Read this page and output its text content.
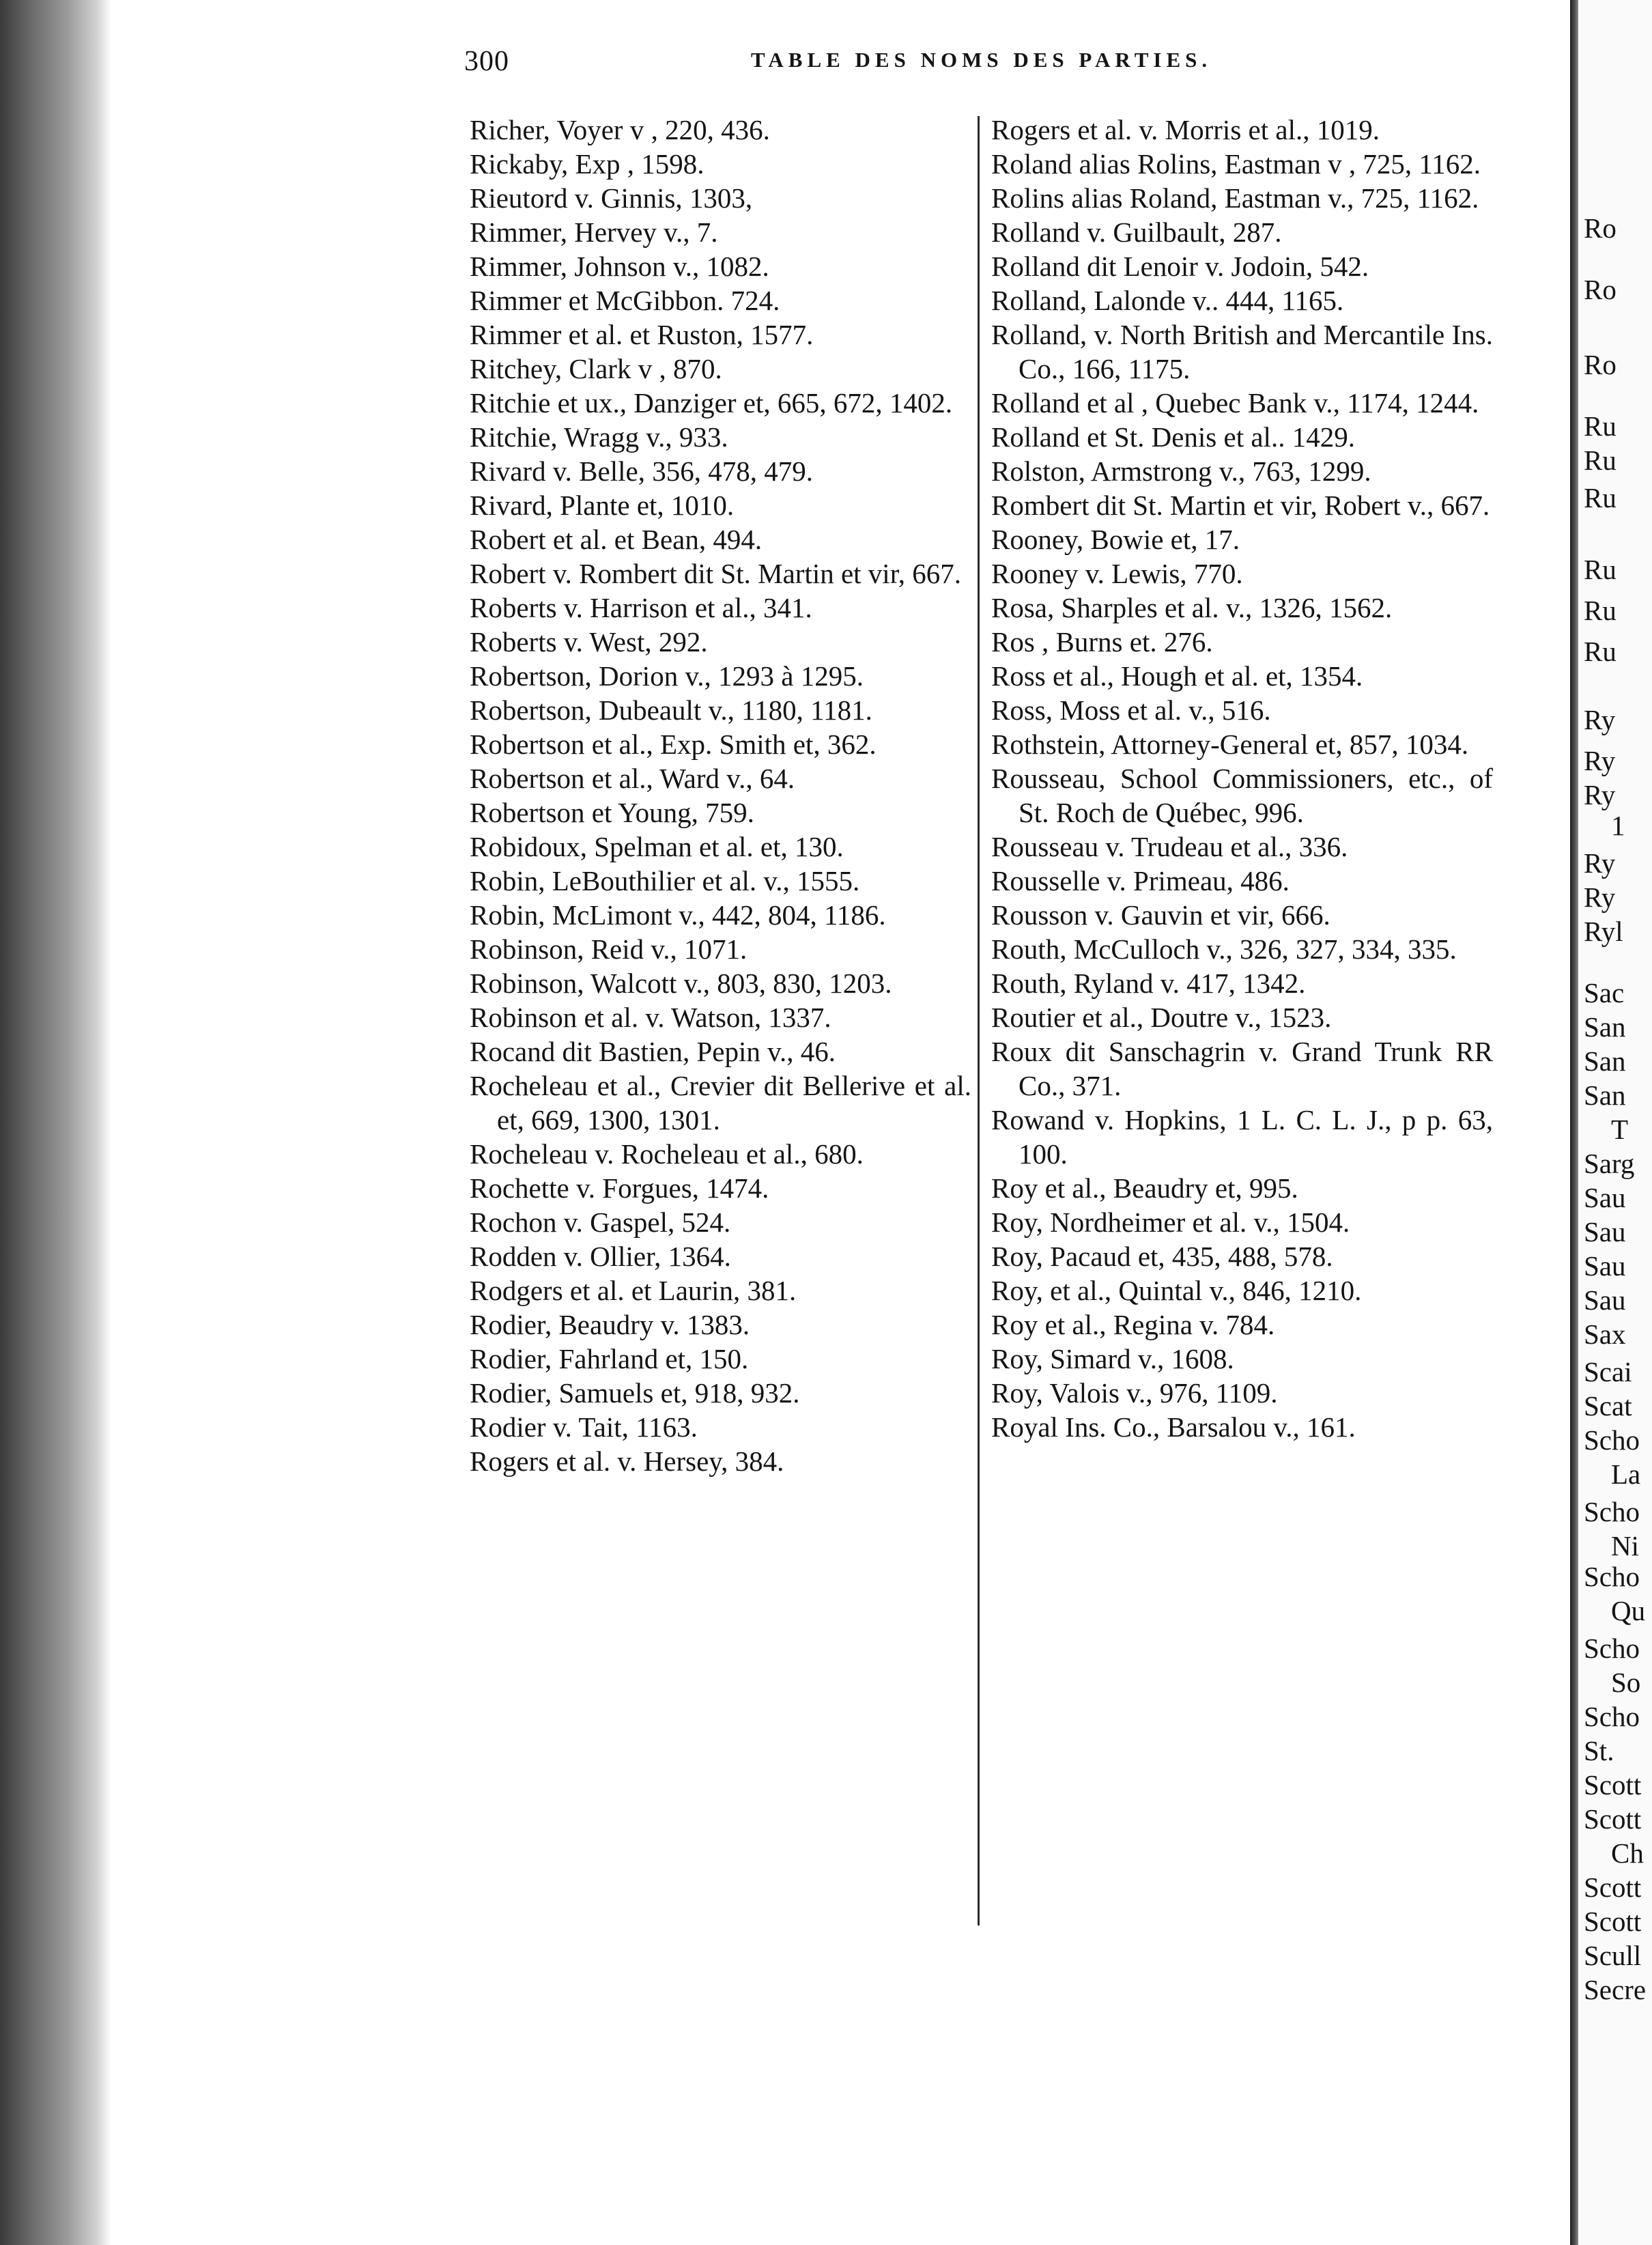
300	TABLE DES NOMS DES PARTIES.
Richer, Voyer v , 220, 436.
Rickaby, Exp , 1598.
Rieutord v. Ginnis, 1303,
Rimmer, Hervey v., 7.
Rimmer, Johnson v., 1082.
Rimmer et McGibbon. 724.
Rimmer et al. et Ruston, 1577.
Ritchey, Clark v , 870.
Ritchie et ux., Danziger et, 665, 672, 1402.
Ritchie, Wragg v., 933.
Rivard v. Belle, 356, 478, 479.
Rivard, Plante et, 1010.
Robert et al. et Bean, 494.
Robert v. Rombert dit St. Martin et vir, 667.
Roberts v. Harrison et al., 341.
Roberts v. West, 292.
Robertson, Dorion v., 1293 à 1295.
Robertson, Dubeault v., 1180, 1181.
Robertson et al., Exp. Smith et, 362.
Robertson et al., Ward v., 64.
Robertson et Young, 759.
Robidoux, Spelman et al. et, 130.
Robin, LeBouthilier et al. v., 1555.
Robin, McLimont v., 442, 804, 1186.
Robinson, Reid v., 1071.
Robinson, Walcott v., 803, 830, 1203.
Robinson et al. v. Watson, 1337.
Rocand dit Bastien, Pepin v., 46.
Rocheleau et al., Crevier dit Bellerive et al. et, 669, 1300, 1301.
Rocheleau v. Rocheleau et al., 680.
Rochette v. Forgues, 1474.
Rochon v. Gaspel, 524.
Rodden v. Ollier, 1364.
Rodgers et al. et Laurin, 381.
Rodier, Beaudry v. 1383.
Rodier, Fahrland et, 150.
Rodier, Samuels et, 918, 932.
Rodier v. Tait, 1163.
Rogers et al. v. Hersey, 384.
Rogers et al. v. Morris et al., 1019.
Roland alias Rolins, Eastman v , 725, 1162.
Rolins alias Roland, Eastman v., 725, 1162.
Rolland v. Guilbault, 287.
Rolland dit Lenoir v. Jodoin, 542.
Rolland, Lalonde v.. 444, 1165.
Rolland, v. North British and Mercantile Ins. Co., 166, 1175.
Rolland et al , Quebec Bank v., 1174, 1244.
Rolland et St. Denis et al.. 1429.
Rolston, Armstrong v., 763, 1299.
Rombert dit St. Martin et vir, Robert v., 667.
Rooney, Bowie et, 17.
Rooney v. Lewis, 770.
Rosa, Sharples et al. v., 1326, 1562.
Ros , Burns et. 276.
Ross et al., Hough et al. et, 1354.
Ross, Moss et al. v., 516.
Rothstein, Attorney-General et, 857, 1034.
Rousseau, School Commissioners, etc., of St. Roch de Québec, 996.
Rousseau v. Trudeau et al., 336.
Rousselle v. Primeau, 486.
Rousson v. Gauvin et vir, 666.
Routh, McCulloch v., 326, 327, 334, 335.
Routh, Ryland v. 417, 1342.
Routier et al., Doutre v., 1523.
Roux dit Sanschagrin v. Grand Trunk RR Co., 371.
Rowand v. Hopkins, 1 L. C. L. J., p p. 63, 100.
Roy et al., Beaudry et, 995.
Roy, Nordheimer et al. v., 1504.
Roy, Pacaud et, 435, 488, 578.
Roy, et al., Quintal v., 846, 1210.
Roy et al., Regina v. 784.
Roy, Simard v., 1608.
Roy, Valois v., 976, 1109.
Royal Ins. Co., Barsalou v., 161.
Ro
Ro
Ro
Ru
Ru
Ru
Ru
Ru
Ru
Ry
Ry
Ry
1
Ry
Ry
Ryl
Sac
San
San
San
T
Sarg
Sau
Sau
Sau
Sau
Sax
Scai
Scat
Scho
La
Scho
Ni
Scho
Qu
Scho
So
Scho
St.
Scott
Scott
Ch
Scott
Scott
Scull
Secre
